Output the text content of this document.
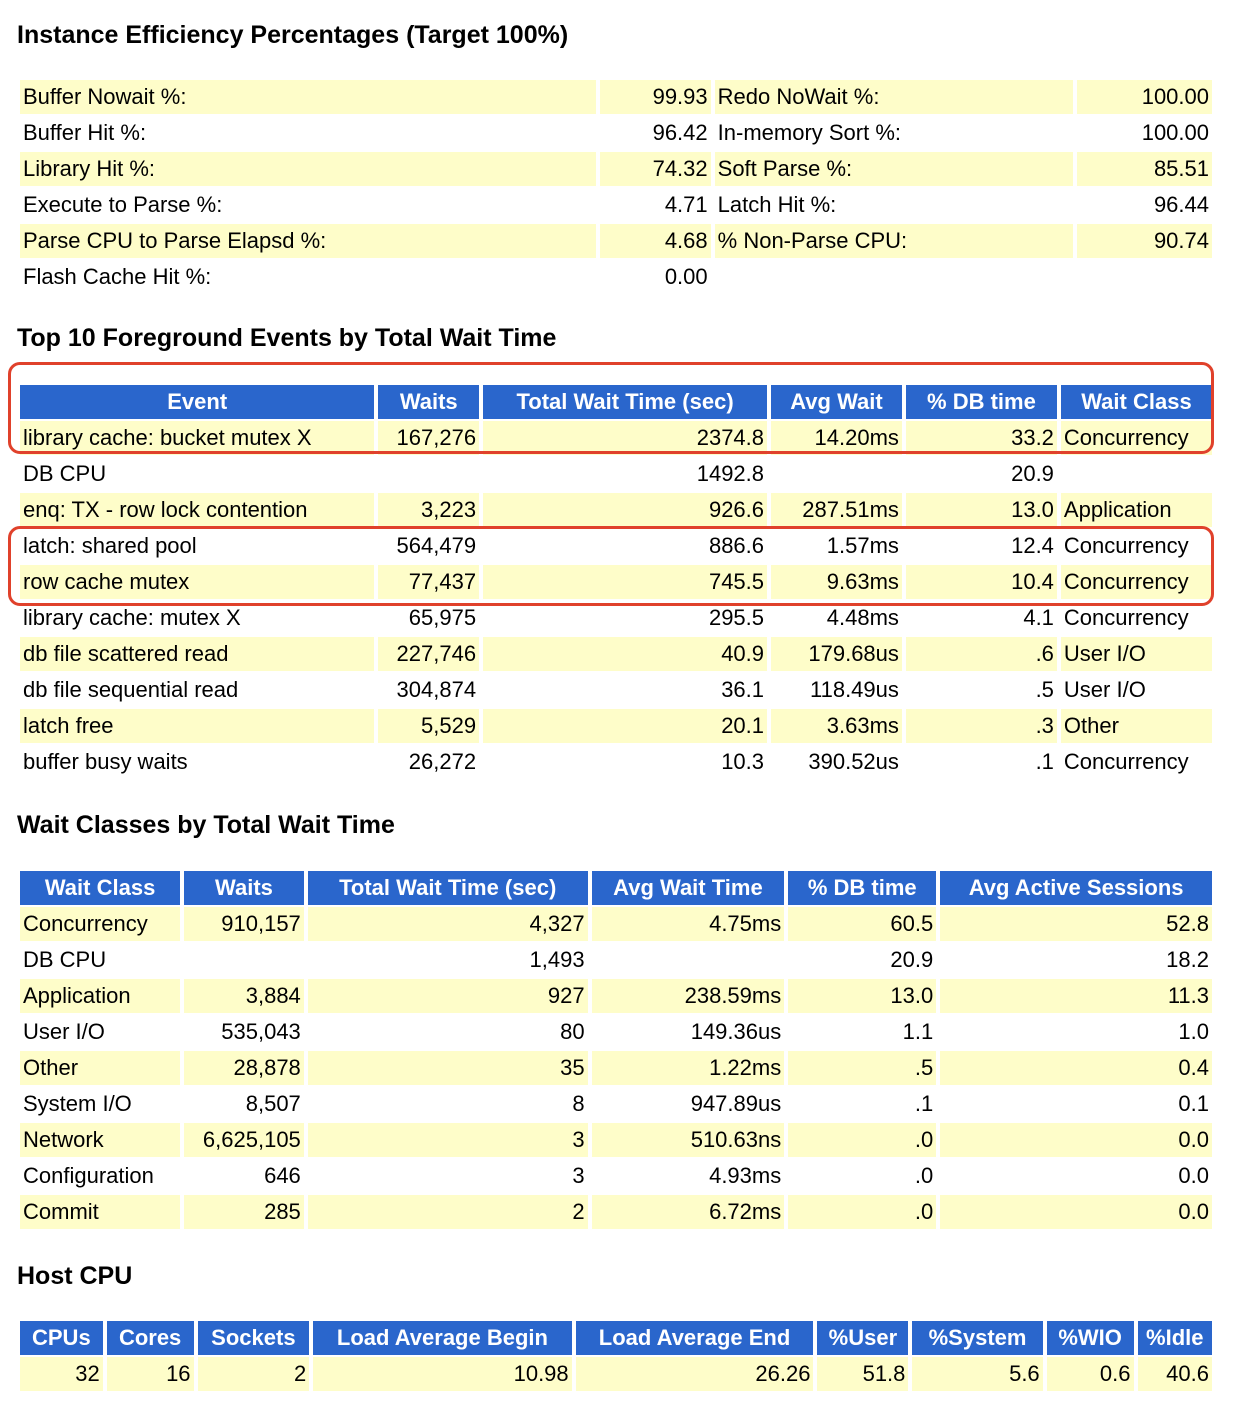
Instance Efficiency Percentages (Target 100%)
Buffer Nowait %:	99.93	Redo NoWait %:	100.00
Buffer Hit %:	96.42	In-memory Sort %:	100.00
Library Hit %:	74.32	Soft Parse %:	85.51
Execute to Parse %:	4.71	Latch Hit %:	96.44
Parse CPU to Parse Elapsd %:	4.68	% Non-Parse CPU:	90.74
Flash Cache Hit %:	0.00		
Top 10 Foreground Events by Total Wait Time
Event	Waits	Total Wait Time (sec)	Avg Wait	% DB time	Wait Class
library cache: bucket mutex X	167,276	2374.8	14.20ms	33.2	Concurrency
DB CPU		1492.8		20.9	
enq: TX - row lock contention	3,223	926.6	287.51ms	13.0	Application
latch: shared pool	564,479	886.6	1.57ms	12.4	Concurrency
row cache mutex	77,437	745.5	9.63ms	10.4	Concurrency
library cache: mutex X	65,975	295.5	4.48ms	4.1	Concurrency
db file scattered read	227,746	40.9	179.68us	.6	User I/O
db file sequential read	304,874	36.1	118.49us	.5	User I/O
latch free	5,529	20.1	3.63ms	.3	Other
buffer busy waits	26,272	10.3	390.52us	.1	Concurrency
Wait Classes by Total Wait Time
Wait Class	Waits	Total Wait Time (sec)	Avg Wait Time	% DB time	Avg Active Sessions
Concurrency	910,157	4,327	4.75ms	60.5	52.8
DB CPU		1,493		20.9	18.2
Application	3,884	927	238.59ms	13.0	11.3
User I/O	535,043	80	149.36us	1.1	1.0
Other	28,878	35	1.22ms	.5	0.4
System I/O	8,507	8	947.89us	.1	0.1
Network	6,625,105	3	510.63ns	.0	0.0
Configuration	646	3	4.93ms	.0	0.0
Commit	285	2	6.72ms	.0	0.0
Host CPU
CPUs	Cores	Sockets	Load Average Begin	Load Average End	%User	%System	%WIO	%Idle
32	16	2	10.98	26.26	51.8	5.6	0.6	40.6
